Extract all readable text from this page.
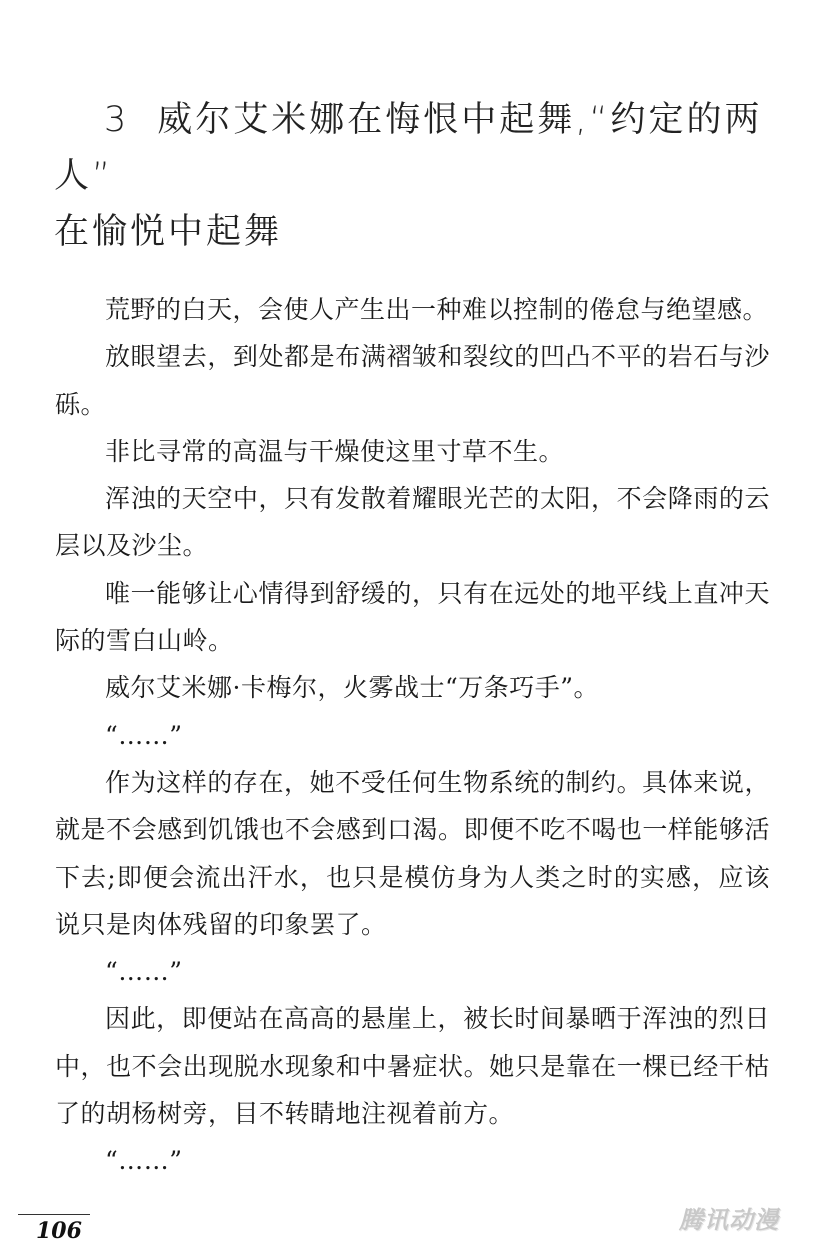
3 威尔艾米娜在悔恨中起舞,“约定的两人”
在愉悦中起舞

荒野的白天，会使人产生出一种难以控制的倦怠与绝望感。

放眼望去，到处都是布满褶皱和裂纹的凹凸不平的岩石与沙砾。

非比寻常的高温与干燥使这里寸草不生。

浑浊的天空中，只有发散着耀眼光芒的太阳，不会降雨的云层以及沙尘。

唯一能够让心情得到舒缓的，只有在远处的地平线上直冲天际的雪白山岭。

威尔艾米娜·卡梅尔，火雾战士“万条巧手”。

“……”

作为这样的存在，她不受任何生物系统的制约。具体来说，就是不会感到饥饿也不会感到口渴。即便不吃不喝也一样能够活下去;即便会流出汗水，也只是模仿身为人类之时的实感，应该说只是肉体残留的印象罢了。

“……”

因此，即便站在高高的悬崖上，被长时间暴晒于浑浊的烈日中，也不会出现脱水现象和中暑症状。她只是靠在一棵已经干枯了的胡杨树旁，目不转睛地注视着前方。

“……”

106	腾讯动漫
